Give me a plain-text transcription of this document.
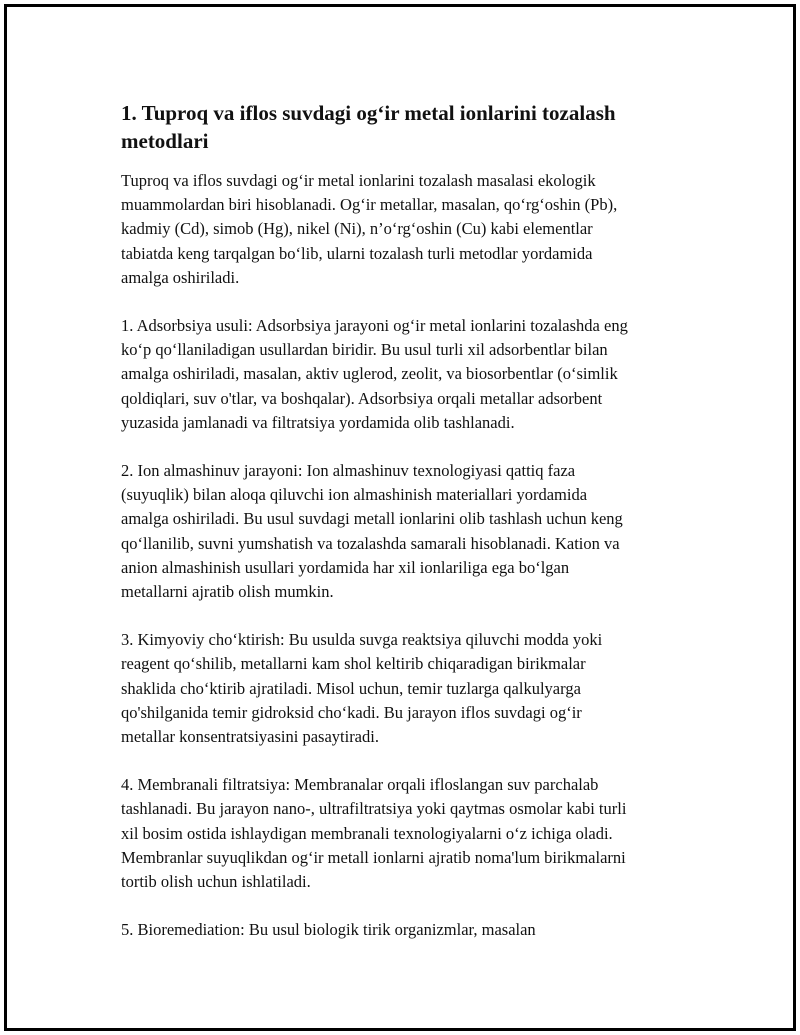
1. Tuproq va iflos suvdagi og‘ir metal ionlarini tozalash
metodlari

Tuproq va iflos suvdagi og‘ir metal ionlarini tozalash masalasi ekologik
muammolardan biri hisoblanadi. Og‘ir metallar, masalan, qo‘rg‘oshin (Pb),
kadmiy (Cd), simob (Hg), nikel (Ni), n’o‘rg‘oshin (Cu) kabi elementlar
tabiatda keng tarqalgan bo‘lib, ularni tozalash turli metodlar yordamida
amalga oshiriladi.

1. Adsorbsiya usuli: Adsorbsiya jarayoni og‘ir metal ionlarini tozalashda eng
ko‘p qo‘llaniladigan usullardan biridir. Bu usul turli xil adsorbentlar bilan
amalga oshiriladi, masalan, aktiv uglerod, zeolit, va biosorbentlar (o‘simlik
qoldiqlari, suv o'tlar, va boshqalar). Adsorbsiya orqali metallar adsorbent
yuzasida jamlanadi va filtratsiya yordamida olib tashlanadi.

2. Ion almashinuv jarayoni: Ion almashinuv texnologiyasi qattiq faza
(suyuqlik) bilan aloqa qiluvchi ion almashinish materiallari yordamida
amalga oshiriladi. Bu usul suvdagi metall ionlarini olib tashlash uchun keng
qo‘llanilib, suvni yumshatish va tozalashda samarali hisoblanadi. Kation va
anion almashinish usullari yordamida har xil ionlariliga ega bo‘lgan
metallarni ajratib olish mumkin.

3. Kimyoviy cho‘ktirish: Bu usulda suvga reaktsiya qiluvchi modda yoki
reagent qo‘shilib, metallarni kam shol keltirib chiqaradigan birikmalar
shaklida cho‘ktirib ajratiladi. Misol uchun, temir tuzlarga qalkulyarga
qo'shilganida temir gidroksid cho‘kadi. Bu jarayon iflos suvdagi og‘ir
metallar konsentratsiyasini pasaytiradi.

4. Membranali filtratsiya: Membranalar orqali ifloslangan suv parchalab
tashlanadi. Bu jarayon nano-, ultrafiltratsiya yoki qaytmas osmolar kabi turli
xil bosim ostida ishlaydigan membranali texnologiyalarni o‘z ichiga oladi.
Membranlar suyuqlikdan og‘ir metall ionlarni ajratib noma'lum birikmalarni
tortib olish uchun ishlatiladi.

5. Bioremediation: Bu usul biologik tirik organizmlar, masalan
